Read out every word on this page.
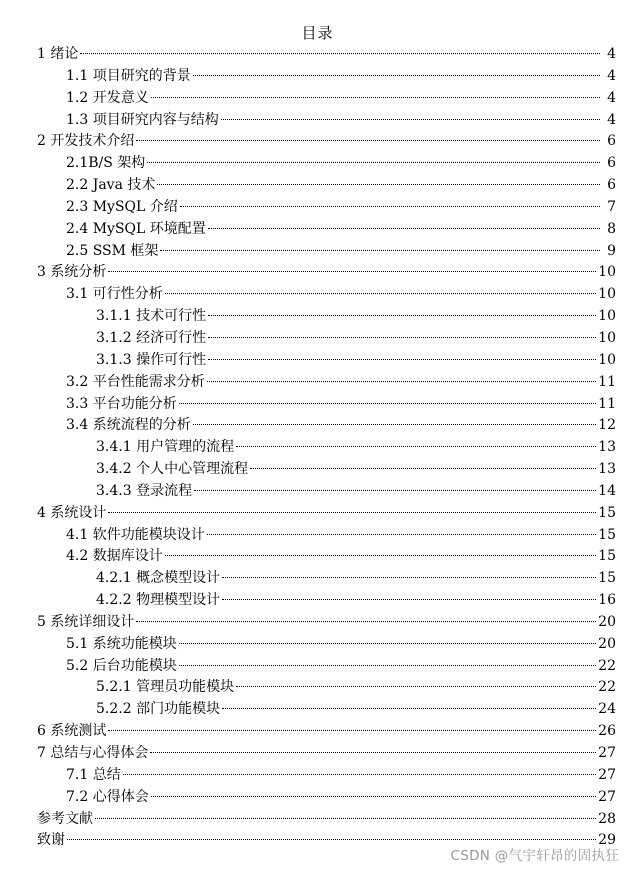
目录
1 绪论	4
1.1 项目研究的背景	4
1.2 开发意义	4
1.3 项目研究内容与结构	4
2 开发技术介绍	6
2.1B/S 架构	6
2.2 Java 技术	6
2.3 MySQL 介绍	7
2.4 MySQL 环境配置	8
2.5 SSM 框架	9
3 系统分析	10
3.1 可行性分析	10
3.1.1 技术可行性	10
3.1.2 经济可行性	10
3.1.3 操作可行性	10
3.2 平台性能需求分析	11
3.3 平台功能分析	11
3.4 系统流程的分析	12
3.4.1 用户管理的流程	13
3.4.2 个人中心管理流程	13
3.4.3 登录流程	14
4 系统设计	15
4.1 软件功能模块设计	15
4.2 数据库设计	15
4.2.1 概念模型设计	15
4.2.2 物理模型设计	16
5 系统详细设计	20
5.1 系统功能模块	20
5.2 后台功能模块	22
5.2.1 管理员功能模块	22
5.2.2 部门功能模块	24
6 系统测试	26
7 总结与心得体会	27
7.1 总结	27
7.2 心得体会	27
参考文献	28
致谢	29
CSDN @气宇轩昂的固执狂
